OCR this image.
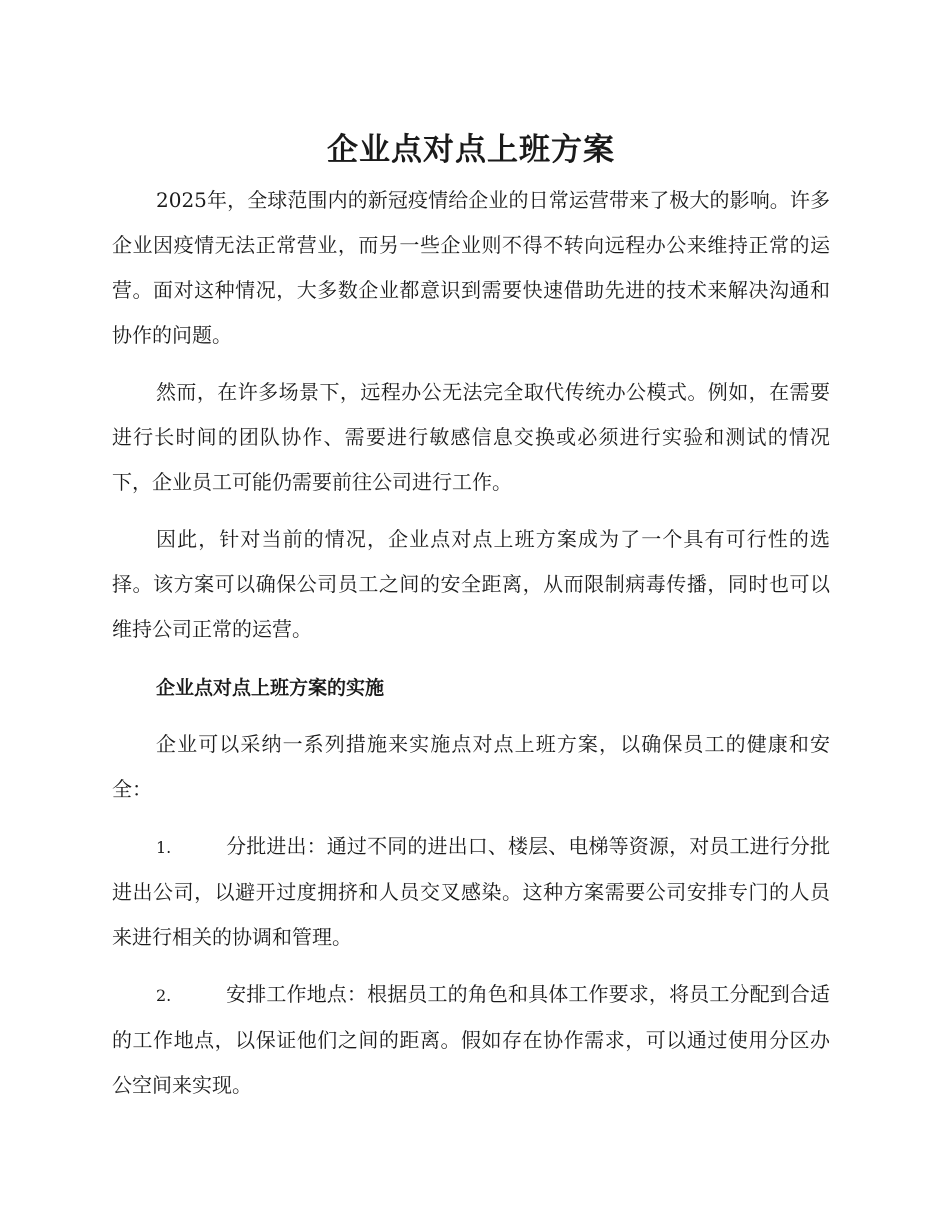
企业点对点上班方案

2025年，全球范围内的新冠疫情给企业的日常运营带来了极大的影响。许多企业因疫情无法正常营业，而另一些企业则不得不转向远程办公来维持正常的运营。面对这种情况，大多数企业都意识到需要快速借助先进的技术来解决沟通和协作的问题。

然而，在许多场景下，远程办公无法完全取代传统办公模式。例如，在需要进行长时间的团队协作、需要进行敏感信息交换或必须进行实验和测试的情况下，企业员工可能仍需要前往公司进行工作。

因此，针对当前的情况，企业点对点上班方案成为了一个具有可行性的选择。该方案可以确保公司员工之间的安全距离，从而限制病毒传播，同时也可以维持公司正常的运营。

企业点对点上班方案的实施

企业可以采纳一系列措施来实施点对点上班方案，以确保员工的健康和安全：

1.	分批进出：通过不同的进出口、楼层、电梯等资源，对员工进行分批进出公司，以避开过度拥挤和人员交叉感染。这种方案需要公司安排专门的人员来进行相关的协调和管理。

2.	安排工作地点：根据员工的角色和具体工作要求，将员工分配到合适的工作地点，以保证他们之间的距离。假如存在协作需求，可以通过使用分区办公空间来实现。
